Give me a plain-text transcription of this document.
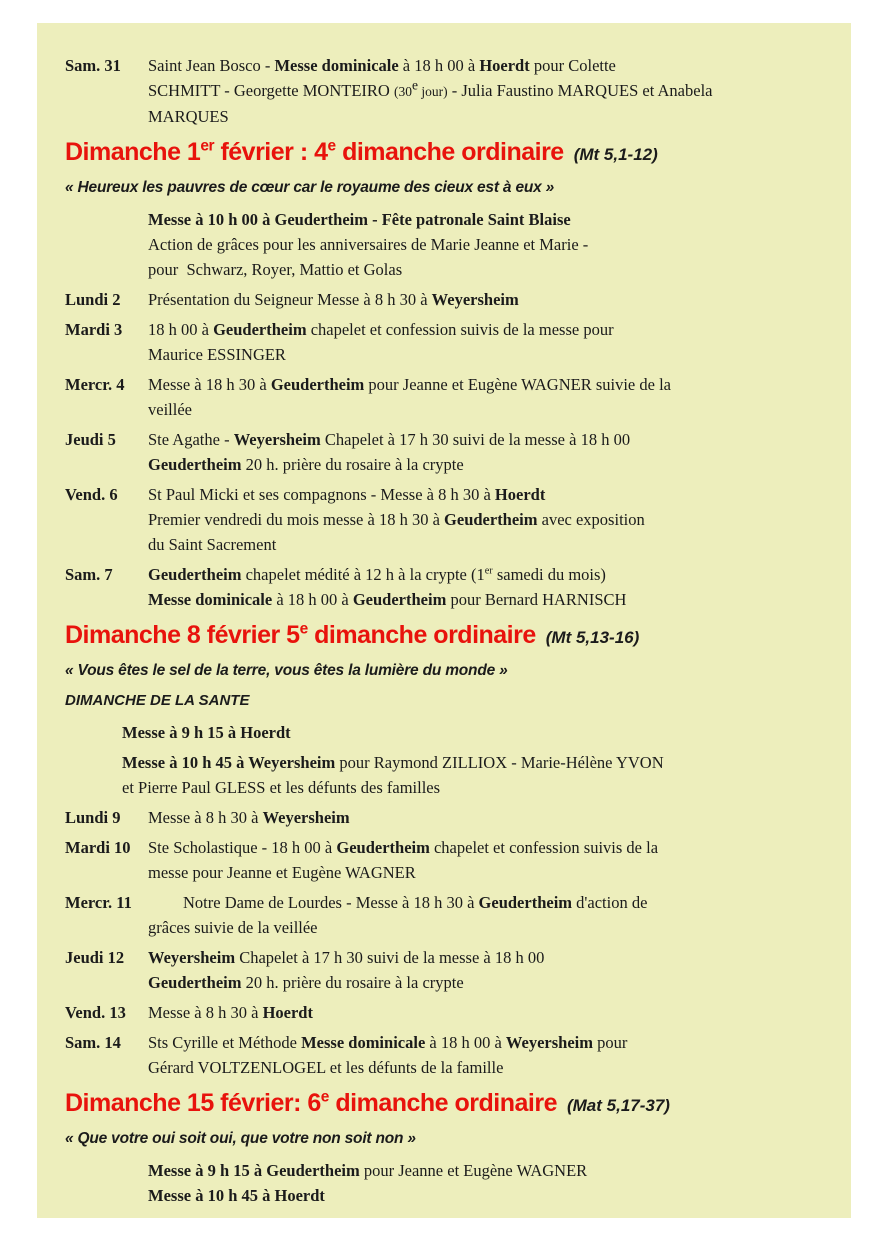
Sam. 31	Saint Jean Bosco - Messe dominicale à 18 h 00 à Hoerdt pour Colette
SCHMITT - Georgette MONTEIRO (30e jour) - Julia Faustino MARQUES et Anabela
MARQUES
Dimanche 1er février : 4e dimanche ordinaire (Mt 5,1-12)
« Heureux les pauvres de cœur car le royaume des cieux est à eux »
Messe à 10 h 00 à Geudertheim - Fête patronale Saint Blaise
Action de grâces pour les anniversaires de Marie Jeanne et Marie -
pour  Schwarz, Royer, Mattio et Golas
Lundi 2	Présentation du Seigneur Messe à 8 h 30 à Weyersheim
Mardi 3	18 h 00 à Geudertheim chapelet et confession suivis de la messe pour
Maurice ESSINGER
Mercr. 4	Messe à 18 h 30 à Geudertheim pour Jeanne et Eugène WAGNER suivie de la
veillée
Jeudi 5	Ste Agathe - Weyersheim Chapelet à 17 h 30 suivi de la messe à 18 h 00
Geudertheim 20 h. prière du rosaire à la crypte
Vend. 6	St Paul Micki et ses compagnons - Messe à 8 h 30 à Hoerdt
Premier vendredi du mois messe à 18 h 30 à Geudertheim avec exposition
du Saint Sacrement
Sam. 7	Geudertheim chapelet médité à 12 h à la crypte (1er samedi du mois)
Messe dominicale à 18 h 00 à Geudertheim pour Bernard HARNISCH
Dimanche 8 février 5e dimanche ordinaire (Mt 5,13-16)
« Vous êtes le sel de la terre, vous êtes la lumière du monde »
DIMANCHE DE LA SANTE
Messe à 9 h 15 à Hoerdt
Messe à 10 h 45 à Weyersheim pour Raymond ZILLIOX - Marie-Hélène YVON
et Pierre Paul GLESS et les défunts des familles
Lundi 9	Messe à 8 h 30 à Weyersheim
Mardi 10	Ste Scholastique - 18 h 00 à Geudertheim chapelet et confession suivis de la
messe pour Jeanne et Eugène WAGNER
Mercr. 11	Notre Dame de Lourdes - Messe à 18 h 30 à Geudertheim d'action de
grâces suivie de la veillée
Jeudi 12	Weyersheim Chapelet à 17 h 30 suivi de la messe à 18 h 00
Geudertheim 20 h. prière du rosaire à la crypte
Vend. 13	Messe à 8 h 30 à Hoerdt
Sam. 14	Sts Cyrille et Méthode Messe dominicale à 18 h 00 à Weyersheim pour
Gérard VOLTZENLOGEL et les défunts de la famille
Dimanche 15 février: 6e dimanche ordinaire (Mat 5,17-37)
« Que votre oui soit oui, que votre non soit non »
Messe à 9 h 15 à Geudertheim pour Jeanne et Eugène WAGNER
Messe à 10 h 45 à Hoerdt
